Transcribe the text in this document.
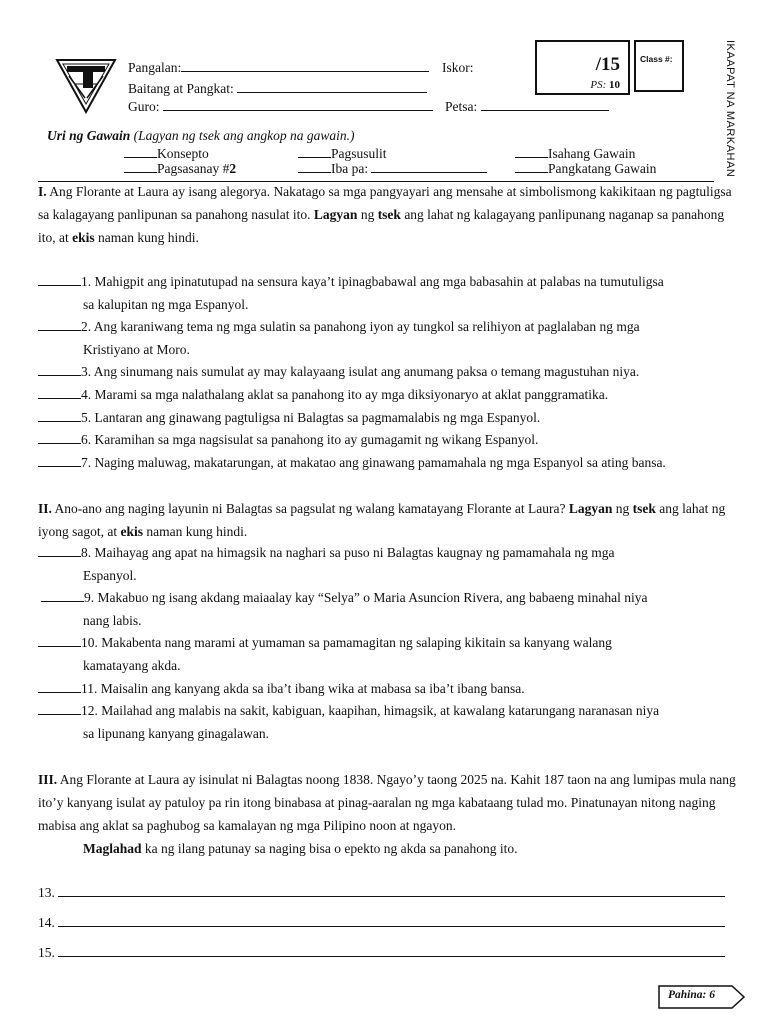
Pangalan:	Iskor:
Baitang at Pangkat:
Guro:	Petsa:
/15
PS: 10
Class #:	IKAAPAT NA MARKAHAN
Uri ng Gawain (Lagyan ng tsek ang angkop na gawain.)
Konsepto	Pagsusulit	Isahang Gawain
Pagsasanay #2	Iba pa:	Pangkatang Gawain
I. Ang Florante at Laura ay isang alegorya. Nakatago sa mga pangyayari ang mensahe at simbolismong kakikitaan ng pagtuligsa sa kalagayang panlipunan sa panahong nasulat ito. Lagyan ng tsek ang lahat ng kalagayang panlipunang naganap sa panahong ito, at ekis naman kung hindi.
1. Mahigpit ang ipinatutupad na sensura kaya’t ipinagbabawal ang mga babasahin at palabas na tumutuligsa
sa kalupitan ng mga Espanyol.
2. Ang karaniwang tema ng mga sulatin sa panahong iyon ay tungkol sa relihiyon at paglalaban ng mga
Kristiyano at Moro.
3. Ang sinumang nais sumulat ay may kalayaang isulat ang anumang paksa o temang magustuhan niya.
4. Marami sa mga nalathalang aklat sa panahong ito ay mga diksiyonaryo at aklat panggramatika.
5. Lantaran ang ginawang pagtuligsa ni Balagtas sa pagmamalabis ng mga Espanyol.
6. Karamihan sa mga nagsisulat sa panahong ito ay gumagamit ng wikang Espanyol.
7. Naging maluwag, makatarungan, at makatao ang ginawang pamamahala ng mga Espanyol sa ating bansa.
II. Ano-ano ang naging layunin ni Balagtas sa pagsulat ng walang kamatayang Florante at Laura? Lagyan ng tsek ang lahat ng iyong sagot, at ekis naman kung hindi.
8. Maihayag ang apat na himagsik na naghari sa puso ni Balagtas kaugnay ng pamamahala ng mga
Espanyol.
9. Makabuo ng isang akdang maiaalay kay “Selya” o Maria Asuncion Rivera, ang babaeng minahal niya
nang labis.
10. Makabenta nang marami at yumaman sa pamamagitan ng salaping kikitain sa kanyang walang
kamatayang akda.
11. Maisalin ang kanyang akda sa iba’t ibang wika at mabasa sa iba’t ibang bansa.
12. Mailahad ang malabis na sakit, kabiguan, kaapihan, himagsik, at kawalang katarungang naranasan niya
sa lipunang kanyang ginagalawan.
III. Ang Florante at Laura ay isinulat ni Balagtas noong 1838. Ngayo’y taong 2025 na. Kahit 187 taon na ang lumipas mula nang ito’y kanyang isulat ay patuloy pa rin itong binabasa at pinag-aaralan ng mga kabataang tulad mo. Pinatunayan nitong naging mabisa ang aklat sa paghubog sa kamalayan ng mga Pilipino noon at ngayon.
Maglahad ka ng ilang patunay sa naging bisa o epekto ng akda sa panahong ito.
13.
14.
15.
Pahina: 6
